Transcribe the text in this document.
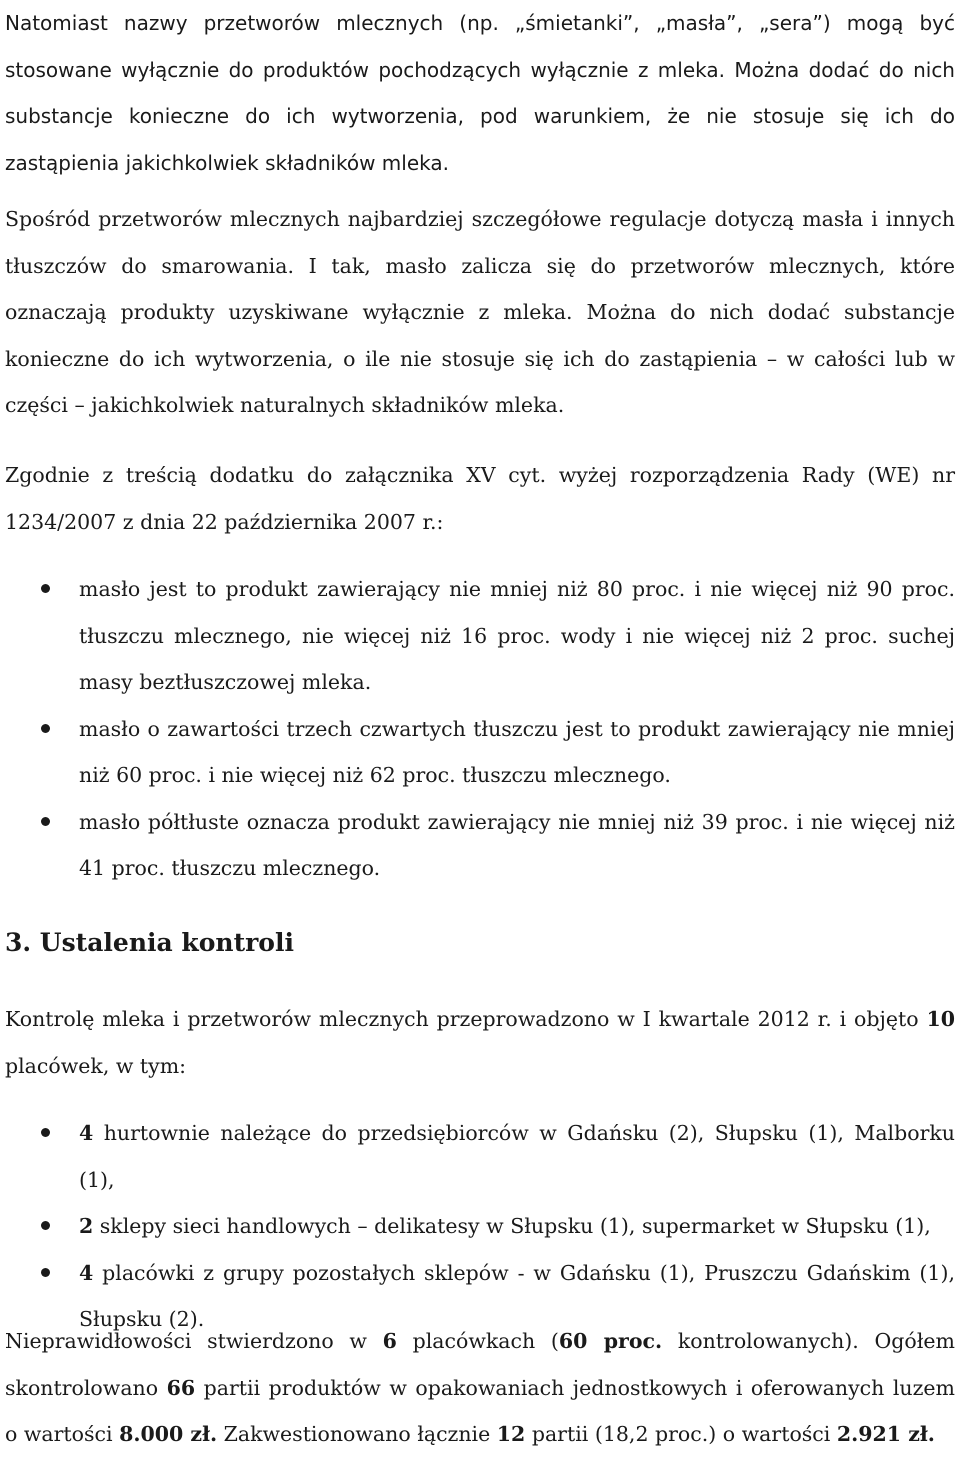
Natomiast nazwy przetworów mlecznych (np. „śmietanki”, „masła”, „sera”) mogą być stosowane wyłącznie do produktów pochodzących wyłącznie z mleka. Można dodać do nich substancje konieczne do ich wytworzenia, pod warunkiem, że nie stosuje się ich do zastąpienia jakichkolwiek składników mleka.

Spośród przetworów mlecznych najbardziej szczegółowe regulacje dotyczą masła i innych tłuszczów do smarowania. I tak, masło zalicza się do przetworów mlecznych, które oznaczają produkty uzyskiwane wyłącznie z mleka. Można do nich dodać substancje konieczne do ich wytworzenia, o ile nie stosuje się ich do zastąpienia – w całości lub w części – jakichkolwiek naturalnych składników mleka.

Zgodnie z treścią dodatku do załącznika XV cyt. wyżej rozporządzenia Rady (WE) nr 1234/2007 z dnia 22 października 2007 r.:

masło jest to produkt zawierający nie mniej niż 80 proc. i nie więcej niż 90 proc. tłuszczu mlecznego, nie więcej niż 16 proc. wody i nie więcej niż 2 proc. suchej masy beztłuszczowej mleka.
masło o zawartości trzech czwartych tłuszczu jest to produkt zawierający nie mniej niż 60 proc. i nie więcej niż 62 proc. tłuszczu mlecznego.
masło półtłuste oznacza produkt zawierający nie mniej niż 39 proc. i nie więcej niż 41 proc. tłuszczu mlecznego.
3. Ustalenia kontroli

Kontrolę mleka i przetworów mlecznych przeprowadzono w I kwartale 2012 r. i objęto 10 placówek, w tym:

4 hurtownie należące do przedsiębiorców w Gdańsku (2), Słupsku (1), Malborku (1),
2 sklepy sieci handlowych – delikatesy w Słupsku (1), supermarket w Słupsku (1),
4 placówki z grupy pozostałych sklepów - w Gdańsku (1), Pruszczu Gdańskim (1), Słupsku (2).

Nieprawidłowości stwierdzono w 6 placówkach (60 proc. kontrolowanych). Ogółem skontrolowano 66 partii produktów w opakowaniach jednostkowych i oferowanych luzem o wartości 8.000 zł. Zakwestionowano łącznie 12 partii (18,2 proc.) o wartości 2.921 zł.
